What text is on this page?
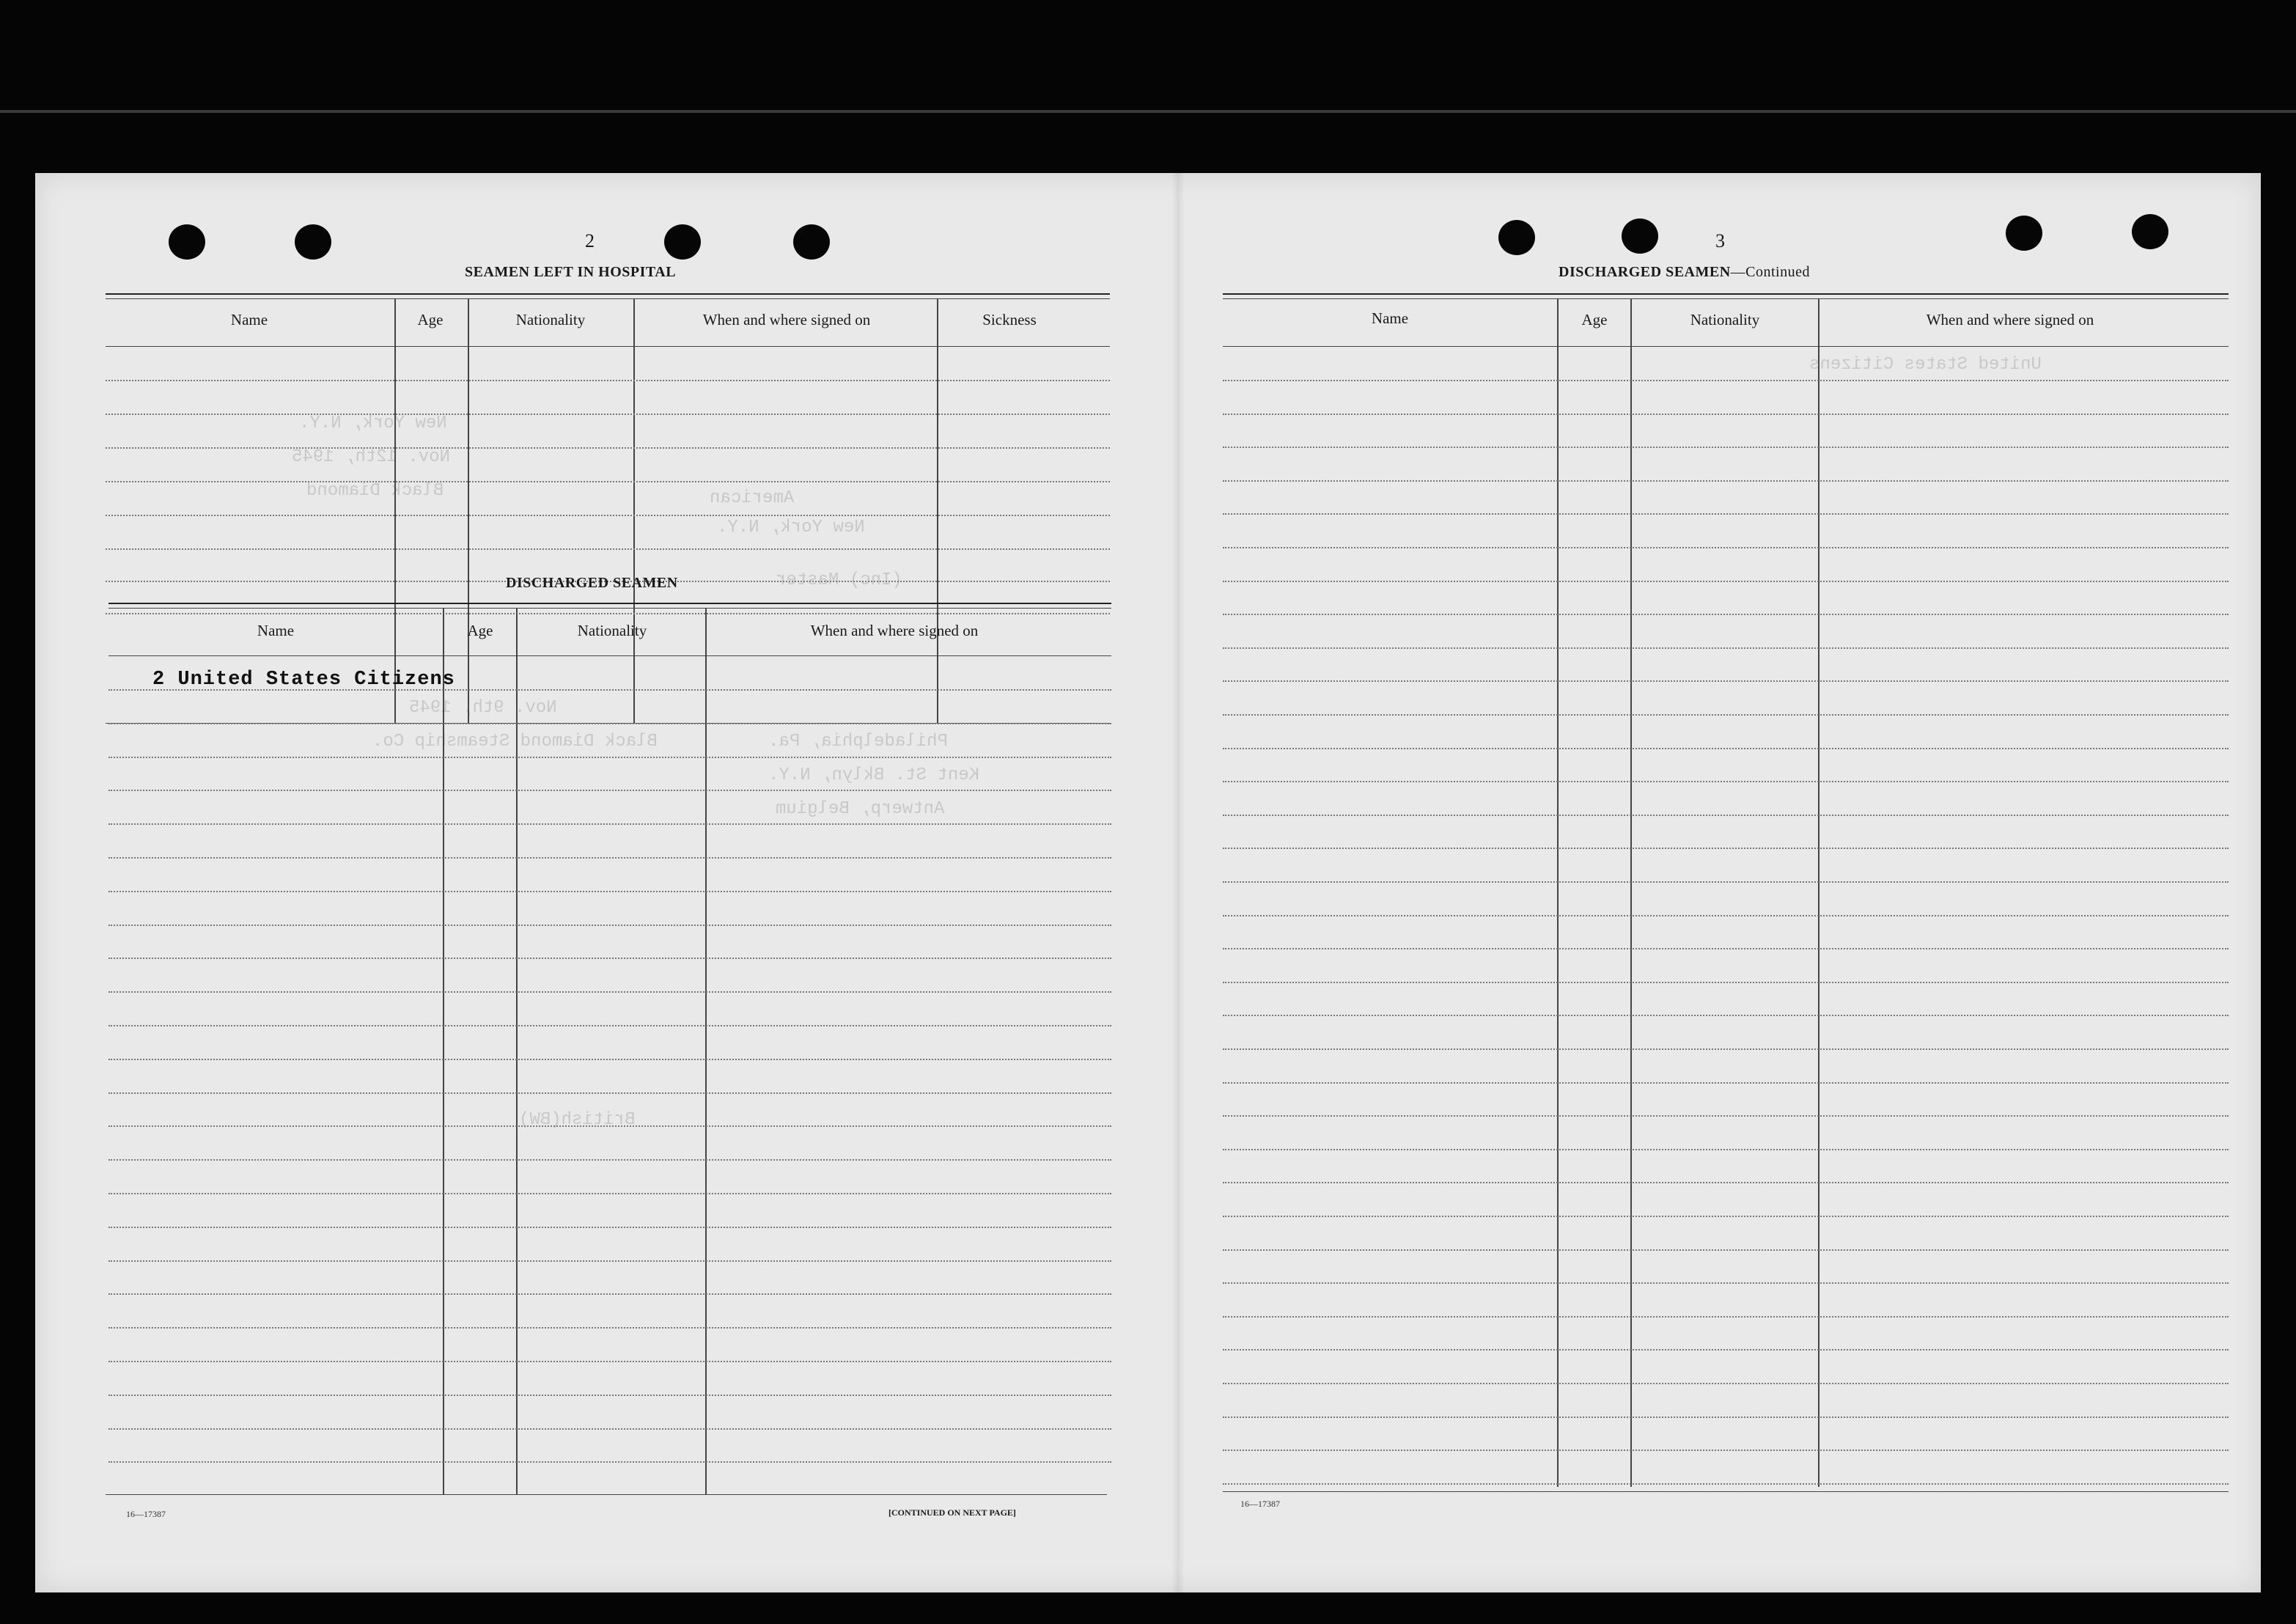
New York, N.Y.
Nov. 12th, 1945
Black Diamond	American
New York, N.Y.
(Inc) Master
Nov. 9th, 1945
Black Diamond Steamship Co.	Philadelphia, Pa.
Kent St. Bklyn, N.Y.
Antwerp, Belgium
United States Citizens
British(BW)
2
SEAMEN LEFT IN HOSPITAL
Name	Age	Nationality	When and where signed on	Sickness
DISCHARGED SEAMEN
Name	Age	Nationality	When and where signed on
2 United States Citizens
16—17387	[CONTINUED ON NEXT PAGE]
3
DISCHARGED SEAMEN—Continued
Name	Age	Nationality	When and where signed on
16—17387
